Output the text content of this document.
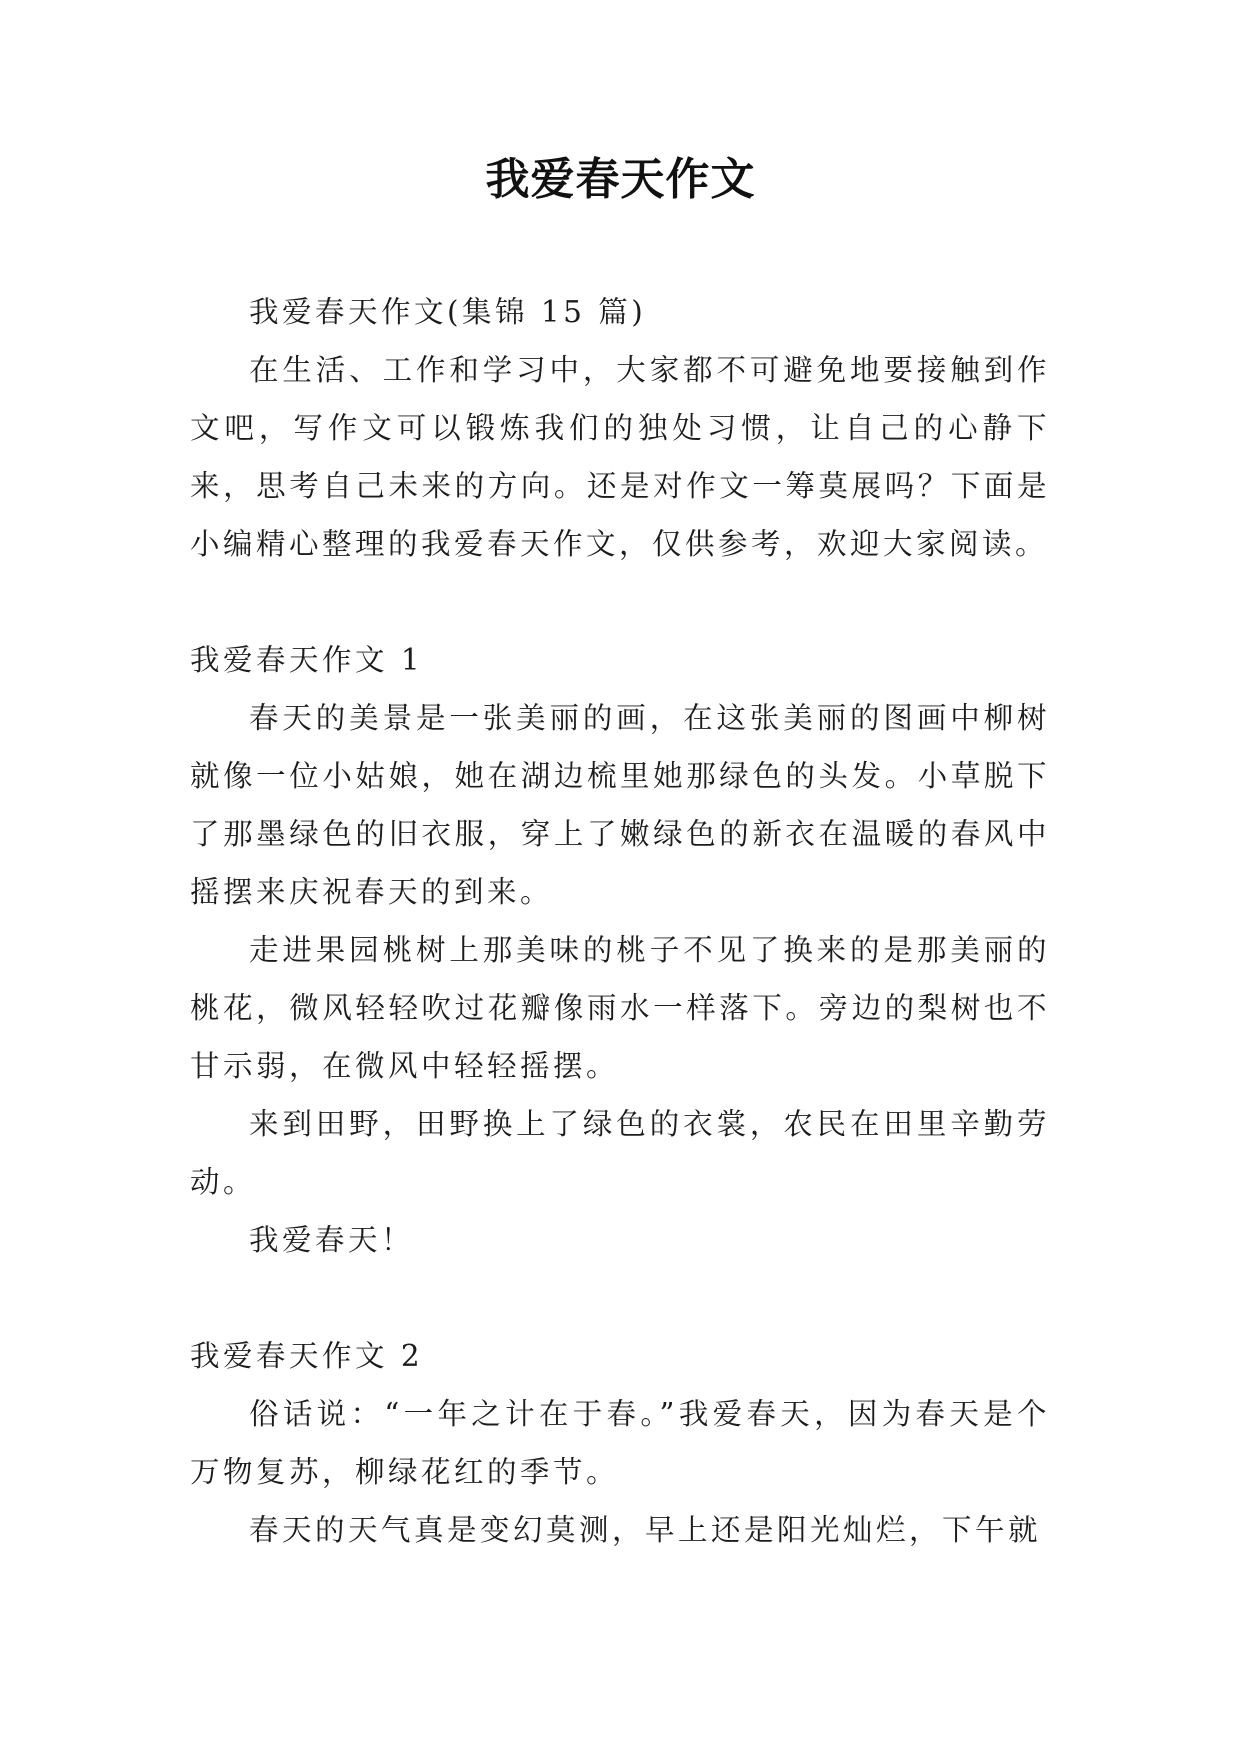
我爱春天作文

我爱春天作文(集锦 15 篇)

在生活、工作和学习中，大家都不可避免地要接触到作文吧，写作文可以锻炼我们的独处习惯，让自己的心静下来，思考自己未来的方向。还是对作文一筹莫展吗？下面是小编精心整理的我爱春天作文，仅供参考，欢迎大家阅读。

我爱春天作文 1

春天的美景是一张美丽的画，在这张美丽的图画中柳树就像一位小姑娘，她在湖边梳里她那绿色的头发。小草脱下了那墨绿色的旧衣服，穿上了嫩绿色的新衣在温暖的春风中摇摆来庆祝春天的到来。

走进果园桃树上那美味的桃子不见了换来的是那美丽的桃花，微风轻轻吹过花瓣像雨水一样落下。旁边的梨树也不甘示弱，在微风中轻轻摇摆。

来到田野，田野换上了绿色的衣裳，农民在田里辛勤劳动。

我爱春天！

我爱春天作文 2

俗话说：“一年之计在于春。”我爱春天，因为春天是个万物复苏，柳绿花红的季节。

春天的天气真是变幻莫测，早上还是阳光灿烂，下午就
